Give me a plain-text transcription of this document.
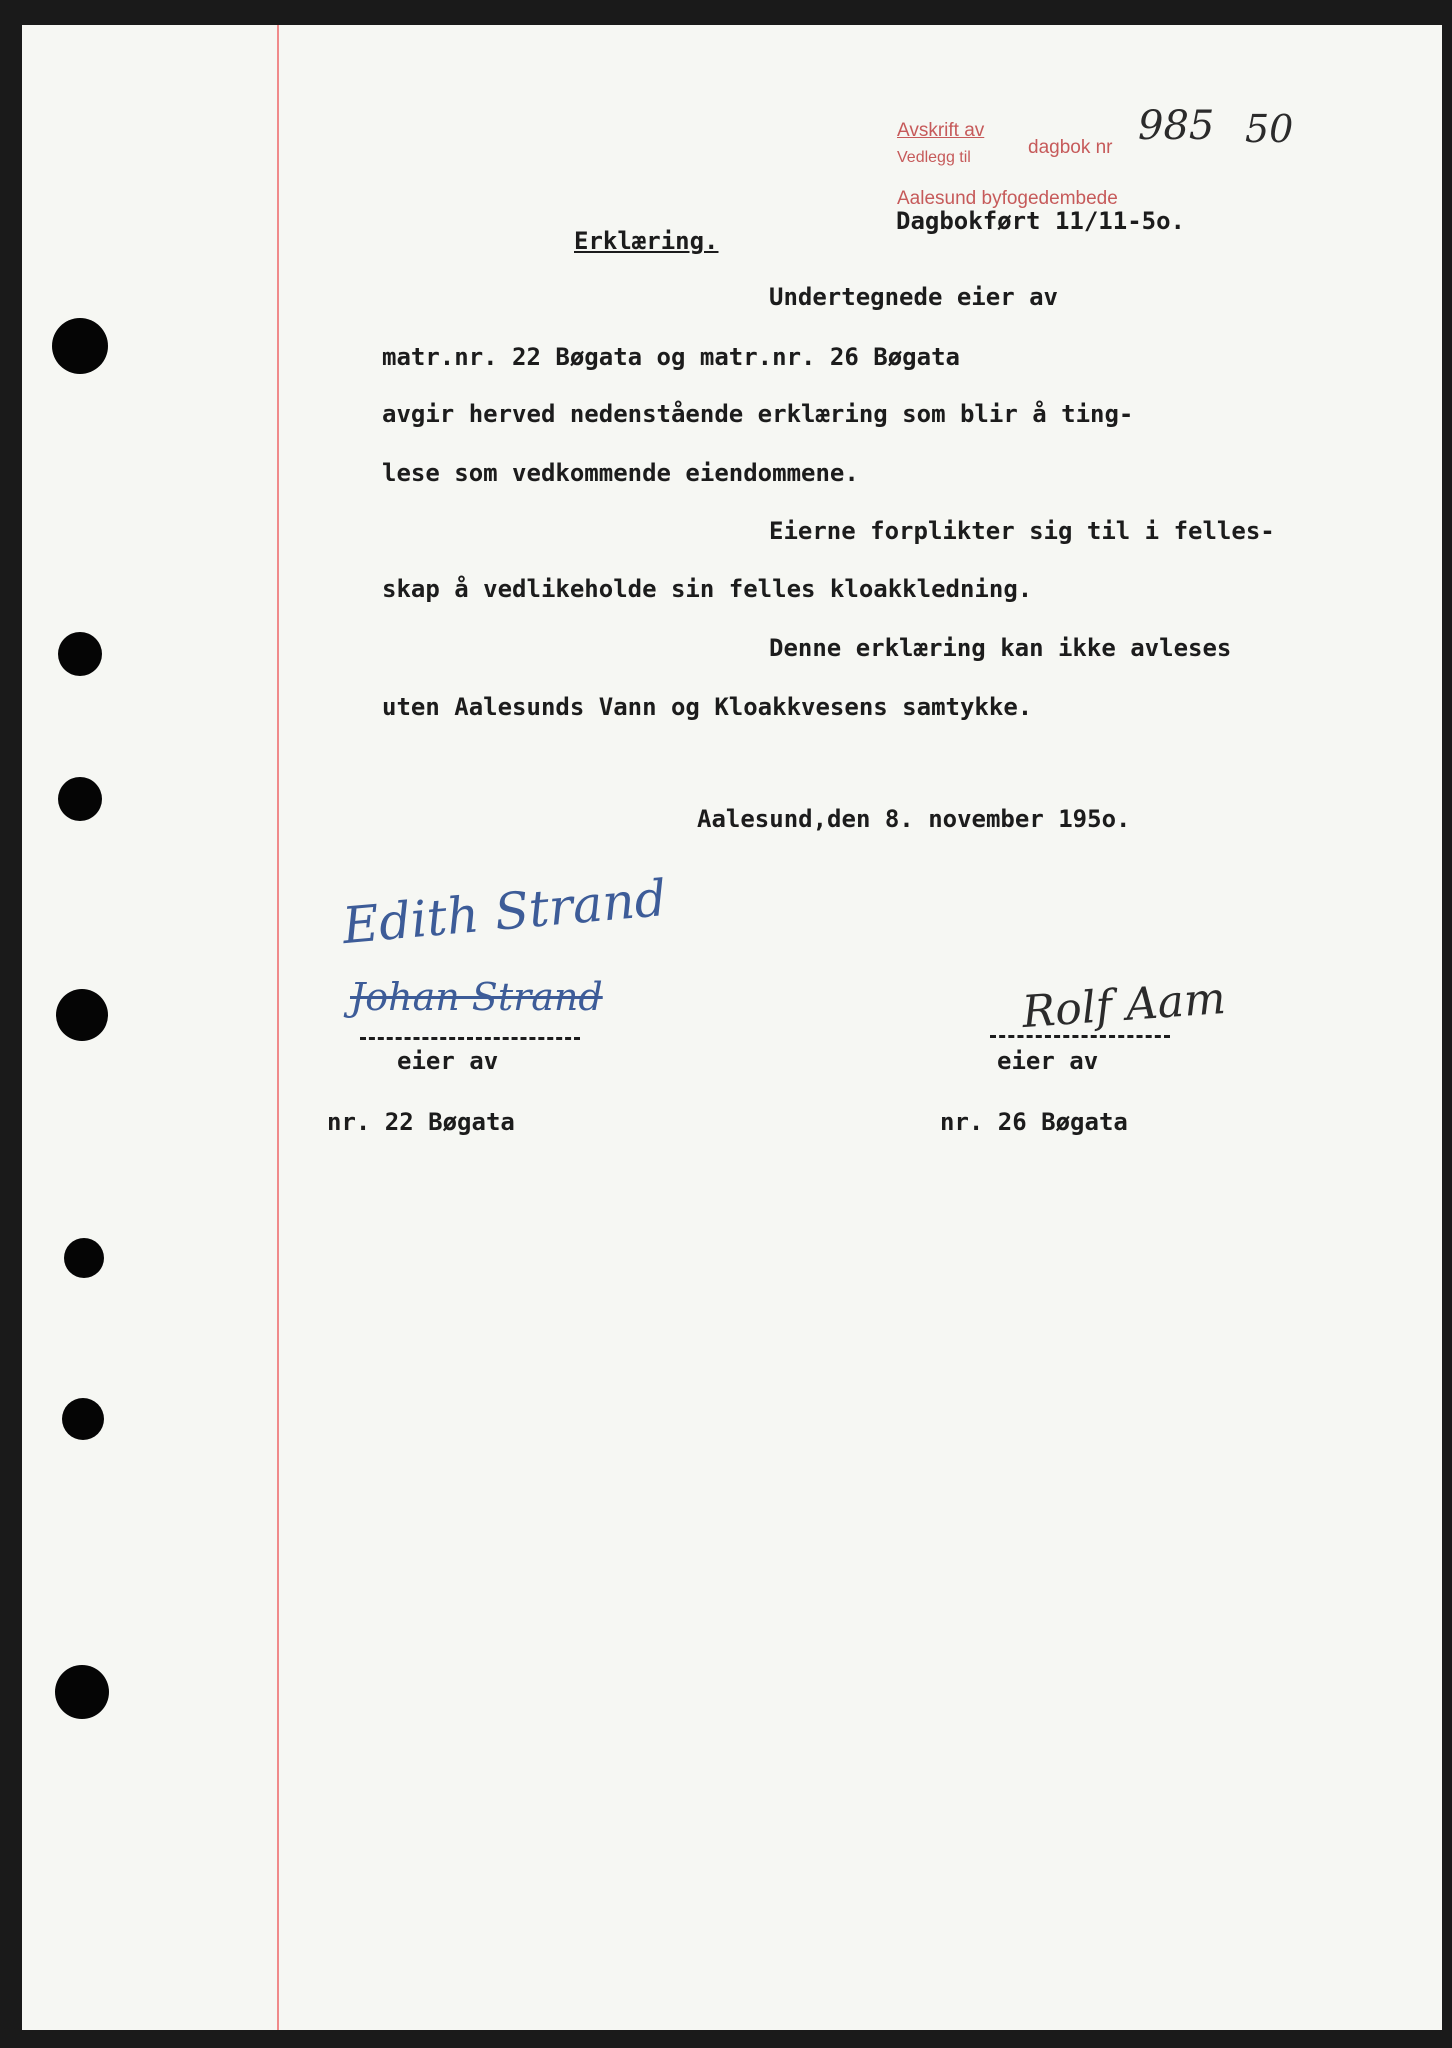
Avskrift av
dagbok nr
Vedlegg til
Aalesund byfogedembede
985 50
Dagbokført 11/11-5o.
Erklæring.
Undertegnede eier av
matr.nr. 22 Bøgata og matr.nr. 26 Bøgata
avgir herved nedenstående erklæring som blir å ting-
lese som vedkommende eiendommene.
Eierne forplikter sig til i felles-
skap å vedlikeholde sin felles kloakkledning.
Denne erklæring kan ikke avleses
uten Aalesunds Vann og Kloakkvesens samtykke.
Aalesund,den 8. november 195o.
Edith Strand
Johan Strand
eier av
nr. 22 Bøgata
Rolf Aam
eier av
nr. 26 Bøgata
